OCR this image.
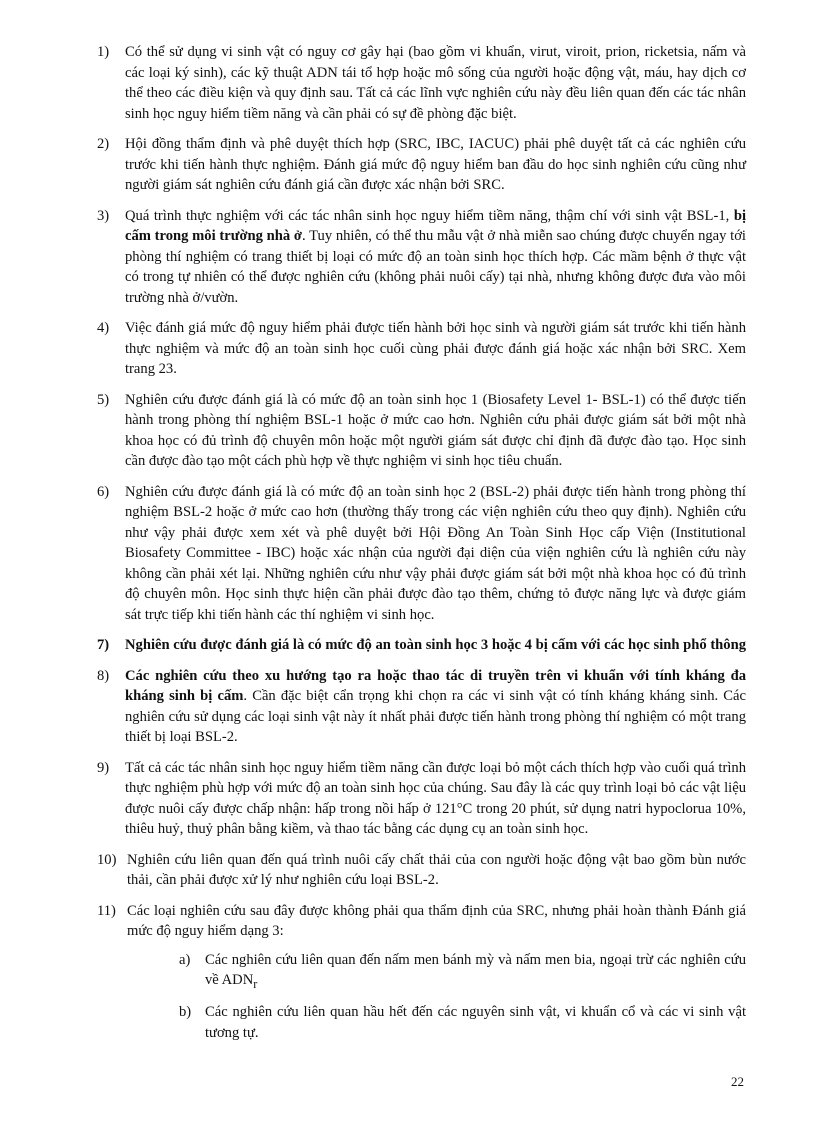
1) Có thể sử dụng vi sinh vật có nguy cơ gây hại (bao gồm vi khuẩn, virut, viroit, prion, ricketsia, nấm và các loại ký sinh), các kỹ thuật ADN tái tổ hợp hoặc mô sống của người hoặc động vật, máu, hay dịch cơ thể theo các điều kiện và quy định sau. Tất cả các lĩnh vực nghiên cứu này đều liên quan đến các tác nhân sinh học nguy hiểm tiềm năng và cần phải có sự đề phòng đặc biệt.
2) Hội đồng thẩm định và phê duyệt thích hợp (SRC, IBC, IACUC) phải phê duyệt tất cả các nghiên cứu trước khi tiến hành thực nghiệm. Đánh giá mức độ nguy hiểm ban đầu do học sinh nghiên cứu cũng như người giám sát nghiên cứu đánh giá cần được xác nhận bởi SRC.
3) Quá trình thực nghiệm với các tác nhân sinh học nguy hiểm tiềm năng, thậm chí với sinh vật BSL-1, bị cấm trong môi trường nhà ở. Tuy nhiên, có thể thu mẫu vật ở nhà miễn sao chúng được chuyển ngay tới phòng thí nghiệm có trang thiết bị loại có mức độ an toàn sinh học thích hợp. Các mầm bệnh ở thực vật có trong tự nhiên có thể được nghiên cứu (không phải nuôi cấy) tại nhà, nhưng không được đưa vào môi trường nhà ở/vườn.
4) Việc đánh giá mức độ nguy hiểm phải được tiến hành bởi học sinh và người giám sát trước khi tiến hành thực nghiệm và mức độ an toàn sinh học cuối cùng phải được đánh giá hoặc xác nhận bởi SRC. Xem trang 23.
5) Nghiên cứu được đánh giá là có mức độ an toàn sinh học 1 (Biosafety Level 1- BSL-1) có thể được tiến hành trong phòng thí nghiệm BSL-1 hoặc ở mức cao hơn. Nghiên cứu phải được giám sát bởi một nhà khoa học có đủ trình độ chuyên môn hoặc một người giám sát được chỉ định đã được đào tạo. Học sinh cần được đào tạo một cách phù hợp về thực nghiệm vi sinh học tiêu chuẩn.
6) Nghiên cứu được đánh giá là có mức độ an toàn sinh học 2 (BSL-2) phải được tiến hành trong phòng thí nghiệm BSL-2 hoặc ở mức cao hơn (thường thấy trong các viện nghiên cứu theo quy định). Nghiên cứu như vậy phải được xem xét và phê duyệt bởi Hội Đồng An Toàn Sinh Học cấp Viện (Institutional Biosafety Committee - IBC) hoặc xác nhận của người đại diện của viện nghiên cứu là nghiên cứu này không cần phải xét lại. Những nghiên cứu như vậy phải được giám sát bởi một nhà khoa học có đủ trình độ chuyên môn. Học sinh thực hiện cần phải được đào tạo thêm, chứng tỏ được năng lực và được giám sát trực tiếp khi tiến hành các thí nghiệm vi sinh học.
7) Nghiên cứu được đánh giá là có mức độ an toàn sinh học 3 hoặc 4 bị cấm với các học sinh phổ thông
8) Các nghiên cứu theo xu hướng tạo ra hoặc thao tác di truyền trên vi khuẩn với tính kháng đa kháng sinh bị cấm. Cần đặc biệt cẩn trọng khi chọn ra các vi sinh vật có tính kháng kháng sinh. Các nghiên cứu sử dụng các loại sinh vật này ít nhất phải được tiến hành trong phòng thí nghiệm có một trang thiết bị loại BSL-2.
9) Tất cả các tác nhân sinh học nguy hiểm tiềm năng cần được loại bỏ một cách thích hợp vào cuối quá trình thực nghiệm phù hợp với mức độ an toàn sinh học của chúng. Sau đây là các quy trình loại bỏ các vật liệu được nuôi cấy được chấp nhận: hấp trong nồi hấp ở 121°C trong 20 phút, sử dụng natri hypoclorua 10%, thiêu huỷ, thuỷ phân bằng kiềm, và thao tác bằng các dụng cụ an toàn sinh học.
10) Nghiên cứu liên quan đến quá trình nuôi cấy chất thải của con người hoặc động vật bao gồm bùn nước thải, cần phải được xử lý như nghiên cứu loại BSL-2.
11) Các loại nghiên cứu sau đây được không phải qua thẩm định của SRC, nhưng phải hoàn thành Đánh giá mức độ nguy hiểm dạng 3:
a) Các nghiên cứu liên quan đến nấm men bánh mỳ và nấm men bia, ngoại trừ các nghiên cứu về $ADN_r$
b) Các nghiên cứu liên quan hầu hết đến các nguyên sinh vật, vi khuẩn cổ và các vi sinh vật tương tự.
22
